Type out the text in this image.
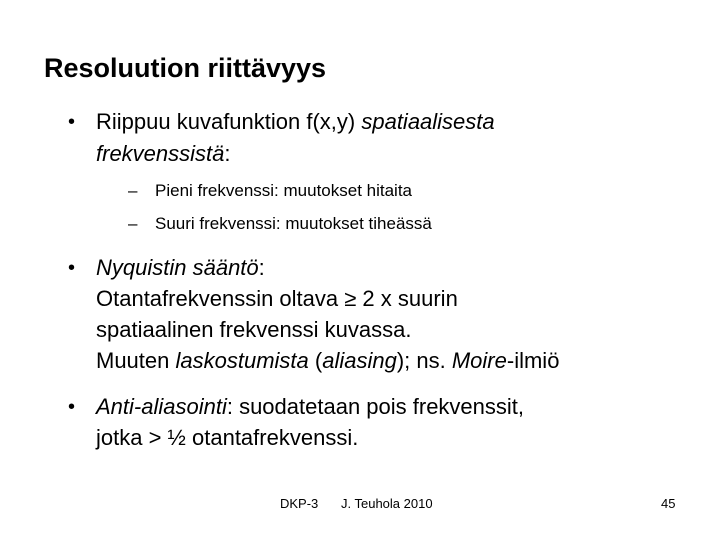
Resoluution riittävyys
• Riippuu kuvafunktion f(x,y) spatiaalisesta
frekvenssistä:
– Pieni frekvenssi: muutokset hitaita
– Suuri frekvenssi: muutokset tiheässä
• Nyquistin sääntö:
Otantafrekvenssin oltava ≥ 2 x suurin
spatiaalinen frekvenssi kuvassa.
Muuten laskostumista (aliasing); ns. Moire-ilmiö
• Anti-aliasointi: suodatetaan pois frekvenssit,
jotka > ½ otantafrekvenssi.
DKP-3 J. Teuhola 2010	45
